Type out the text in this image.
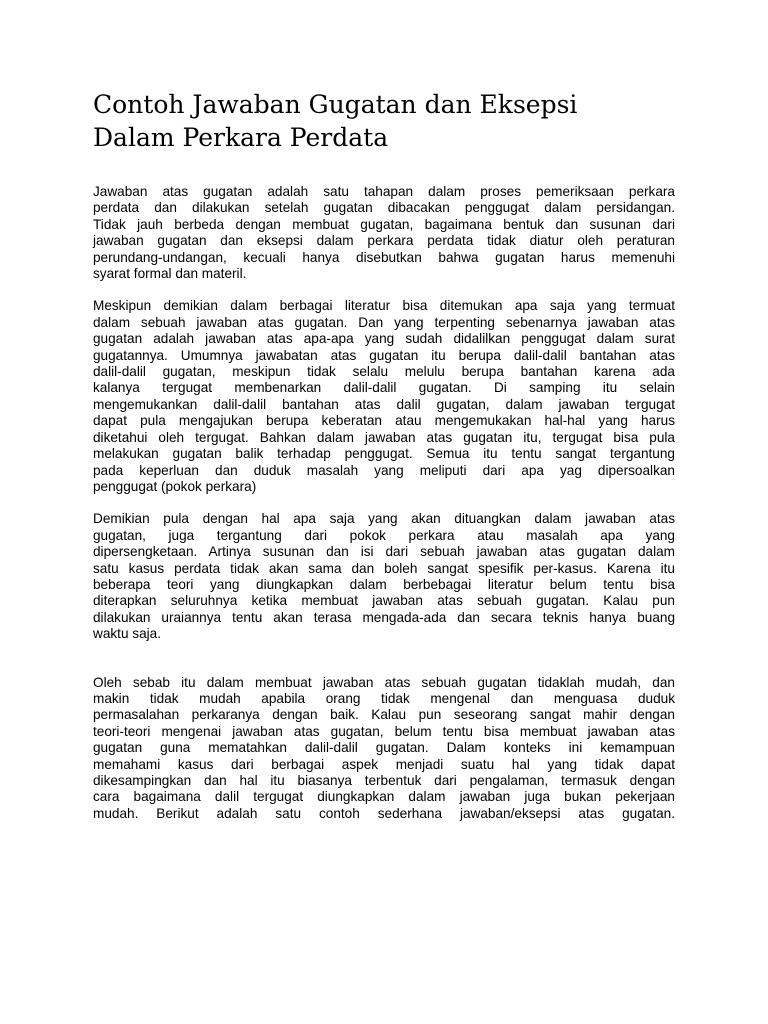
Contoh Jawaban Gugatan dan Eksepsi
Dalam Perkara Perdata

Jawaban atas gugatan adalah satu tahapan dalam proses pemeriksaan perkara
perdata dan dilakukan setelah gugatan dibacakan penggugat dalam persidangan.
Tidak jauh berbeda dengan membuat gugatan, bagaimana bentuk dan susunan dari
jawaban gugatan dan eksepsi dalam perkara perdata tidak diatur oleh peraturan
perundang-undangan, kecuali hanya disebutkan bahwa gugatan harus memenuhi
syarat formal dan materil.

Meskipun demikian dalam berbagai literatur bisa ditemukan apa saja yang termuat
dalam sebuah jawaban atas gugatan. Dan yang terpenting sebenarnya jawaban atas
gugatan adalah jawaban atas apa-apa yang sudah didalilkan penggugat dalam surat
gugatannya. Umumnya jawabatan atas gugatan itu berupa dalil-dalil bantahan atas
dalil-dalil gugatan, meskipun tidak selalu melulu berupa bantahan karena ada
kalanya tergugat membenarkan dalil-dalil gugatan. Di samping itu selain
mengemukankan dalil-dalil bantahan atas dalil gugatan, dalam jawaban tergugat
dapat pula mengajukan berupa keberatan atau mengemukakan hal-hal yang harus
diketahui oleh tergugat. Bahkan dalam jawaban atas gugatan itu, tergugat bisa pula
melakukan gugatan balik terhadap penggugat. Semua itu tentu sangat tergantung
pada keperluan dan duduk masalah yang meliputi dari apa yag dipersoalkan
penggugat (pokok perkara)

Demikian pula dengan hal apa saja yang akan dituangkan dalam jawaban atas
gugatan, juga tergantung dari pokok perkara atau masalah apa yang
dipersengketaan. Artinya susunan dan isi dari sebuah jawaban atas gugatan dalam
satu kasus perdata tidak akan sama dan boleh sangat spesifik per-kasus. Karena itu
beberapa teori yang diungkapkan dalam berbebagai literatur belum tentu bisa
diterapkan seluruhnya ketika membuat jawaban atas sebuah gugatan. Kalau pun
dilakukan uraiannya tentu akan terasa mengada-ada dan secara teknis hanya buang
waktu saja.

Oleh sebab itu dalam membuat jawaban atas sebuah gugatan tidaklah mudah, dan
makin tidak mudah apabila orang tidak mengenal dan menguasa duduk
permasalahan perkaranya dengan baik. Kalau pun seseorang sangat mahir dengan
teori-teori mengenai jawaban atas gugatan, belum tentu bisa membuat jawaban atas
gugatan guna mematahkan dalil-dalil gugatan. Dalam konteks ini kemampuan
memahami kasus dari berbagai aspek menjadi suatu hal yang tidak dapat
dikesampingkan dan hal itu biasanya terbentuk dari pengalaman, termasuk dengan
cara bagaimana dalil tergugat diungkapkan dalam jawaban juga bukan pekerjaan
mudah. Berikut adalah satu contoh sederhana jawaban/eksepsi atas gugatan.
